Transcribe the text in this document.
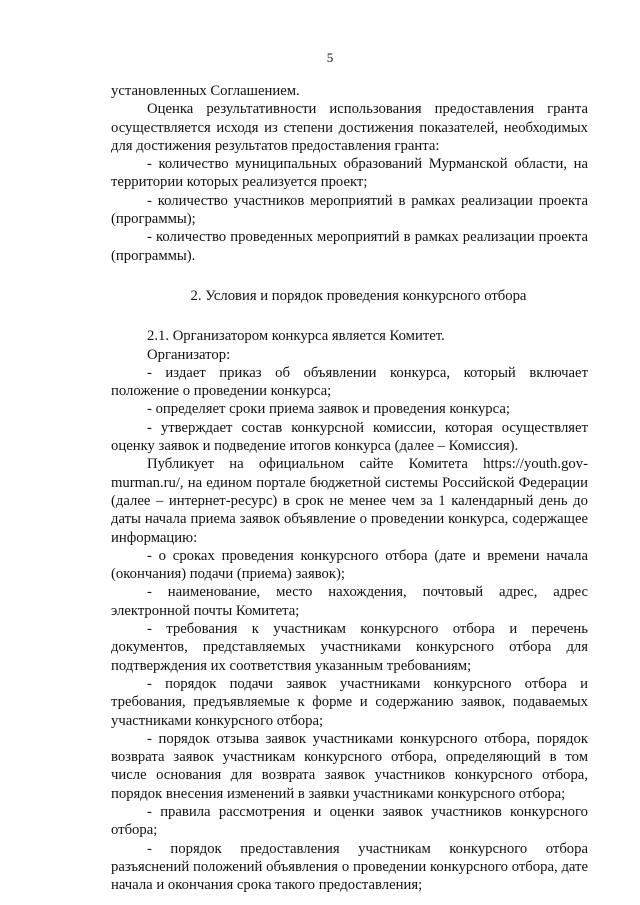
5

установленных Соглашением.

Оценка результативности использования предоставления гранта осуществляется исходя из степени достижения показателей, необходимых для достижения результатов предоставления гранта:

- количество муниципальных образований Мурманской области, на территории которых реализуется проект;

- количество участников мероприятий в рамках реализации проекта (программы);

- количество проведенных мероприятий в рамках реализации проекта (программы).

2. Условия и порядок проведения конкурсного отбора

2.1. Организатором конкурса является Комитет.

Организатор:

- издает приказ об объявлении конкурса, который включает положение о проведении конкурса;

- определяет сроки приема заявок и проведения конкурса;

- утверждает состав конкурсной комиссии, которая осуществляет оценку заявок и подведение итогов конкурса (далее – Комиссия).

Публикует на официальном сайте Комитета https://youth.gov-murman.ru/, на едином портале бюджетной системы Российской Федерации (далее – интернет-ресурс) в срок не менее чем за 1 календарный день до даты начала приема заявок объявление о проведении конкурса, содержащее информацию:

- о сроках проведения конкурсного отбора (дате и времени начала (окончания) подачи (приема) заявок);

- наименование, место нахождения, почтовый адрес, адрес электронной почты Комитета;

- требования к участникам конкурсного отбора и перечень документов, представляемых участниками конкурсного отбора для подтверждения их соответствия указанным требованиям;

- порядок подачи заявок участниками конкурсного отбора и требования, предъявляемые к форме и содержанию заявок, подаваемых участниками конкурсного отбора;

- порядок отзыва заявок участниками конкурсного отбора, порядок возврата заявок участникам конкурсного отбора, определяющий в том числе основания для возврата заявок участников конкурсного отбора, порядок внесения изменений в заявки участниками конкурсного отбора;

- правила рассмотрения и оценки заявок участников конкурсного отбора;

- порядок предоставления участникам конкурсного отбора разъяснений положений объявления о проведении конкурсного отбора, дате начала и окончания срока такого предоставления;
